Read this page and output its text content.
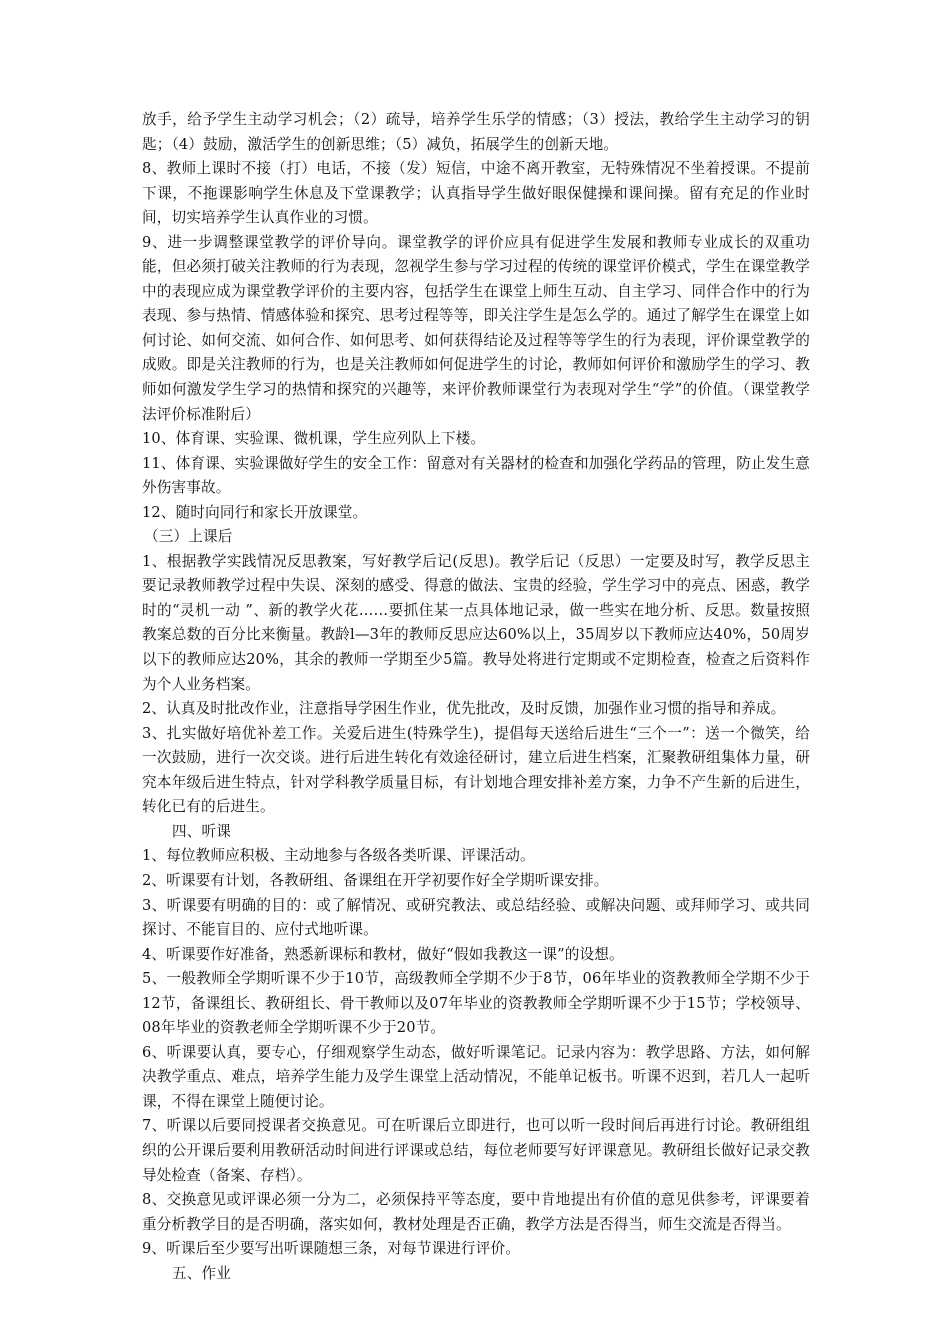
放手，给予学生主动学习机会；（2）疏导，培养学生乐学的情感；（3）授法，教给学生主动学习的钥匙；（4）鼓励，激活学生的创新思维；（5）减负，拓展学生的创新天地。

8、教师上课时不接（打）电话，不接（发）短信，中途不离开教室，无特殊情况不坐着授课。不提前下课，不拖课影响学生休息及下堂课教学；认真指导学生做好眼保健操和课间操。留有充足的作业时间，切实培养学生认真作业的习惯。

9、进一步调整课堂教学的评价导向。课堂教学的评价应具有促进学生发展和教师专业成长的双重功能，但必须打破关注教师的行为表现，忽视学生参与学习过程的传统的课堂评价模式，学生在课堂教学中的表现应成为课堂教学评价的主要内容，包括学生在课堂上师生互动、自主学习、同伴合作中的行为表现、参与热情、情感体验和探究、思考过程等等，即关注学生是怎么学的。通过了解学生在课堂上如何讨论、如何交流、如何合作、如何思考、如何获得结论及过程等等学生的行为表现，评价课堂教学的成败。即是关注教师的行为，也是关注教师如何促进学生的讨论，教师如何评价和激励学生的学习、教师如何激发学生学习的热情和探究的兴趣等，来评价教师课堂行为表现对学生“学”的价值。（课堂教学法评价标准附后）

10、体育课、实验课、微机课，学生应列队上下楼。

11、体育课、实验课做好学生的安全工作：留意对有关器材的检查和加强化学药品的管理，防止发生意外伤害事故。

12、随时向同行和家长开放课堂。

（三）上课后

1、根据教学实践情况反思教案，写好教学后记(反思)。教学后记（反思）一定要及时写，教学反思主要记录教师教学过程中失误、深刻的感受、得意的做法、宝贵的经验，学生学习中的亮点、困惑，教学时的“灵机一动 ”、新的教学火花……要抓住某一点具体地记录，做一些实在地分析、反思。数量按照教案总数的百分比来衡量。教龄l—3年的教师反思应达60%以上，35周岁以下教师应达40%，50周岁以下的教师应达20%，其余的教师一学期至少5篇。教导处将进行定期或不定期检查，检查之后资料作为个人业务档案。

2、认真及时批改作业，注意指导学困生作业，优先批改，及时反馈，加强作业习惯的指导和养成。

3、扎实做好培优补差工作。关爱后进生(特殊学生)，提倡每天送给后进生“三个一”：送一个微笑，给一次鼓励，进行一次交谈。进行后进生转化有效途径研讨，建立后进生档案，汇聚教研组集体力量，研究本年级后进生特点，针对学科教学质量目标，有计划地合理安排补差方案，力争不产生新的后进生，转化已有的后进生。

四、听课

1、每位教师应积极、主动地参与各级各类听课、评课活动。

2、听课要有计划，各教研组、备课组在开学初要作好全学期听课安排。

3、听课要有明确的目的：或了解情况、或研究教法、或总结经验、或解决问题、或拜师学习、或共同探讨、不能盲目的、应付式地听课。

4、听课要作好准备，熟悉新课标和教材，做好“假如我教这一课”的设想。

5、一般教师全学期听课不少于10节，高级教师全学期不少于8节，06年毕业的资教教师全学期不少于12节，备课组长、教研组长、骨干教师以及07年毕业的资教教师全学期听课不少于15节；学校领导、08年毕业的资教老师全学期听课不少于20节。

6、听课要认真，要专心，仔细观察学生动态，做好听课笔记。记录内容为：教学思路、方法，如何解决教学重点、难点，培养学生能力及学生课堂上活动情况，不能单记板书。听课不迟到，若几人一起听课，不得在课堂上随便讨论。

7、听课以后要同授课者交换意见。可在听课后立即进行，也可以听一段时间后再进行讨论。教研组组织的公开课后要利用教研活动时间进行评课或总结，每位老师要写好评课意见。教研组长做好记录交教导处检查（备案、存档）。

8、交换意见或评课必须一分为二，必须保持平等态度，要中肯地提出有价值的意见供参考，评课要着重分析教学目的是否明确，落实如何，教材处理是否正确，教学方法是否得当，师生交流是否得当。

9、听课后至少要写出听课随想三条，对每节课进行评价。

五、作业
